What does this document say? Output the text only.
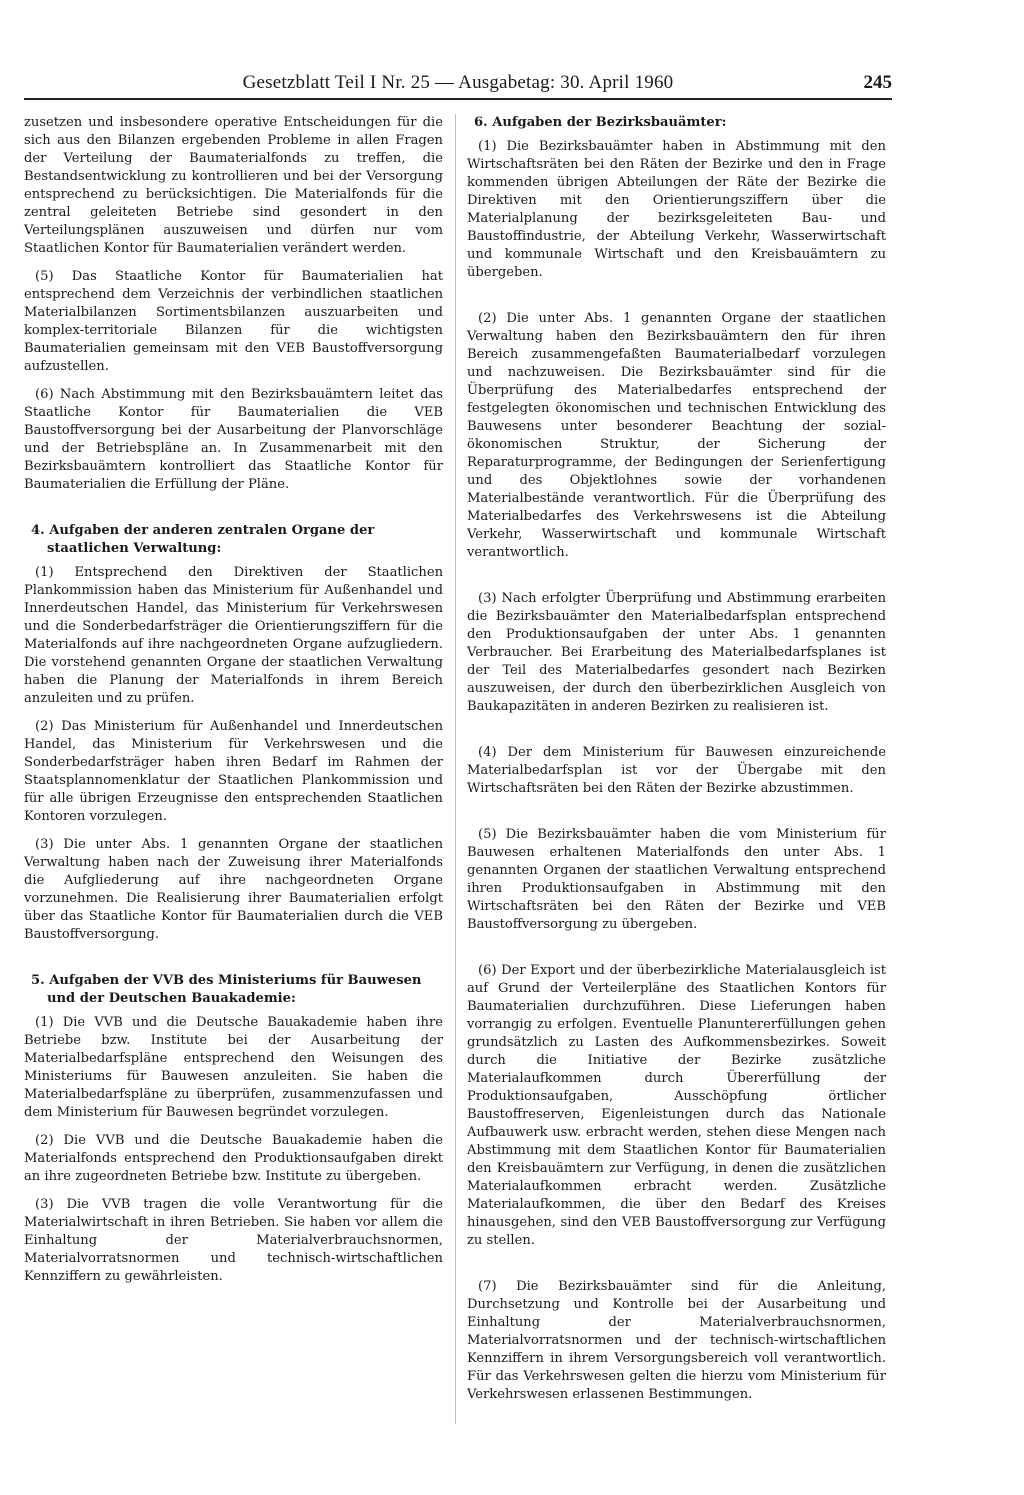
Gesetzblatt Teil I Nr. 25 — Ausgabetag: 30. April 1960	245

zusetzen und insbesondere operative Entscheidungen für die sich aus den Bilanzen ergebenden Probleme in allen Fragen der Verteilung der Baumaterialfonds zu treffen, die Bestandsentwicklung zu kontrollieren und bei der Versorgung entsprechend zu berücksichtigen. Die Materialfonds für die zentral geleiteten Betriebe sind gesondert in den Verteilungsplänen auszuweisen und dürfen nur vom Staatlichen Kontor für Baumaterialien verändert werden.

(5) Das Staatliche Kontor für Baumaterialien hat entsprechend dem Verzeichnis der verbindlichen staatlichen Materialbilanzen Sortimentsbilanzen auszuarbeiten und komplex-territoriale Bilanzen für die wichtigsten Baumaterialien gemeinsam mit den VEB Baustoffversorgung aufzustellen.

(6) Nach Abstimmung mit den Bezirksbauämtern leitet das Staatliche Kontor für Baumaterialien die VEB Baustoffversorgung bei der Ausarbeitung der Planvorschläge und der Betriebspläne an. In Zusammenarbeit mit den Bezirksbauämtern kontrolliert das Staatliche Kontor für Baumaterialien die Erfüllung der Pläne.

4. Aufgaben der anderen zentralen Organe der staatlichen Verwaltung:

(1) Entsprechend den Direktiven der Staatlichen Plankommission haben das Ministerium für Außenhandel und Innerdeutschen Handel, das Ministerium für Verkehrswesen und die Sonderbedarfsträger die Orientierungsziffern für die Materialfonds auf ihre nachgeordneten Organe aufzugliedern. Die vorstehend genannten Organe der staatlichen Verwaltung haben die Planung der Materialfonds in ihrem Bereich anzuleiten und zu prüfen.

(2) Das Ministerium für Außenhandel und Innerdeutschen Handel, das Ministerium für Verkehrswesen und die Sonderbedarfsträger haben ihren Bedarf im Rahmen der Staatsplannomenklatur der Staatlichen Plankommission und für alle übrigen Erzeugnisse den entsprechenden Staatlichen Kontoren vorzulegen.

(3) Die unter Abs. 1 genannten Organe der staatlichen Verwaltung haben nach der Zuweisung ihrer Materialfonds die Aufgliederung auf ihre nachgeordneten Organe vorzunehmen. Die Realisierung ihrer Baumaterialien erfolgt über das Staatliche Kontor für Baumaterialien durch die VEB Baustoffversorgung.

5. Aufgaben der VVB des Ministeriums für Bauwesen und der Deutschen Bauakademie:

(1) Die VVB und die Deutsche Bauakademie haben ihre Betriebe bzw. Institute bei der Ausarbeitung der Materialbedarfspläne entsprechend den Weisungen des Ministeriums für Bauwesen anzuleiten. Sie haben die Materialbedarfspläne zu überprüfen, zusammenzufassen und dem Ministerium für Bauwesen begründet vorzulegen.

(2) Die VVB und die Deutsche Bauakademie haben die Materialfonds entsprechend den Produktionsaufgaben direkt an ihre zugeordneten Betriebe bzw. Institute zu übergeben.

(3) Die VVB tragen die volle Verantwortung für die Materialwirtschaft in ihren Betrieben. Sie haben vor allem die Einhaltung der Materialverbrauchsnormen, Materialvorratsnormen und technisch-wirtschaftlichen Kennziffern zu gewährleisten.

6. Aufgaben der Bezirksbauämter:

(1) Die Bezirksbauämter haben in Abstimmung mit den Wirtschaftsräten bei den Räten der Bezirke und den in Frage kommenden übrigen Abteilungen der Räte der Bezirke die Direktiven mit den Orientierungsziffern über die Materialplanung der bezirksgeleiteten Bau- und Baustoffindustrie, der Abteilung Verkehr, Wasserwirtschaft und kommunale Wirtschaft und den Kreisbauämtern zu übergeben.

(2) Die unter Abs. 1 genannten Organe der staatlichen Verwaltung haben den Bezirksbauämtern den für ihren Bereich zusammengefaßten Baumaterialbedarf vorzulegen und nachzuweisen. Die Bezirksbauämter sind für die Überprüfung des Materialbedarfes entsprechend der festgelegten ökonomischen und technischen Entwicklung des Bauwesens unter besonderer Beachtung der sozial-ökonomischen Struktur, der Sicherung der Reparaturprogramme, der Bedingungen der Serienfertigung und des Objektlohnes sowie der vorhandenen Materialbestände verantwortlich. Für die Überprüfung des Materialbedarfes des Verkehrswesens ist die Abteilung Verkehr, Wasserwirtschaft und kommunale Wirtschaft verantwortlich.

(3) Nach erfolgter Überprüfung und Abstimmung erarbeiten die Bezirksbauämter den Materialbedarfsplan entsprechend den Produktionsaufgaben der unter Abs. 1 genannten Verbraucher. Bei Erarbeitung des Materialbedarfsplanes ist der Teil des Materialbedarfes gesondert nach Bezirken auszuweisen, der durch den überbezirklichen Ausgleich von Baukapazitäten in anderen Bezirken zu realisieren ist.

(4) Der dem Ministerium für Bauwesen einzureichende Materialbedarfsplan ist vor der Übergabe mit den Wirtschaftsräten bei den Räten der Bezirke abzustimmen.

(5) Die Bezirksbauämter haben die vom Ministerium für Bauwesen erhaltenen Materialfonds den unter Abs. 1 genannten Organen der staatlichen Verwaltung entsprechend ihren Produktionsaufgaben in Abstimmung mit den Wirtschaftsräten bei den Räten der Bezirke und VEB Baustoffversorgung zu übergeben.

(6) Der Export und der überbezirkliche Materialausgleich ist auf Grund der Verteilerpläne des Staatlichen Kontors für Baumaterialien durchzuführen. Diese Lieferungen haben vorrangig zu erfolgen. Eventuelle Planuntererfüllungen gehen grundsätzlich zu Lasten des Aufkommensbezirkes. Soweit durch die Initiative der Bezirke zusätzliche Materialaufkommen durch Übererfüllung der Produktionsaufgaben, Ausschöpfung örtlicher Baustoffreserven, Eigenleistungen durch das Nationale Aufbauwerk usw. erbracht werden, stehen diese Mengen nach Abstimmung mit dem Staatlichen Kontor für Baumaterialien den Kreisbauämtern zur Verfügung, in denen die zusätzlichen Materialaufkommen erbracht werden. Zusätzliche Materialaufkommen, die über den Bedarf des Kreises hinausgehen, sind den VEB Baustoffversorgung zur Verfügung zu stellen.

(7) Die Bezirksbauämter sind für die Anleitung, Durchsetzung und Kontrolle bei der Ausarbeitung und Einhaltung der Materialverbrauchsnormen, Materialvorratsnormen und der technisch-wirtschaftlichen Kennziffern in ihrem Versorgungsbereich voll verantwortlich. Für das Verkehrswesen gelten die hierzu vom Ministerium für Verkehrswesen erlassenen Bestimmungen.
